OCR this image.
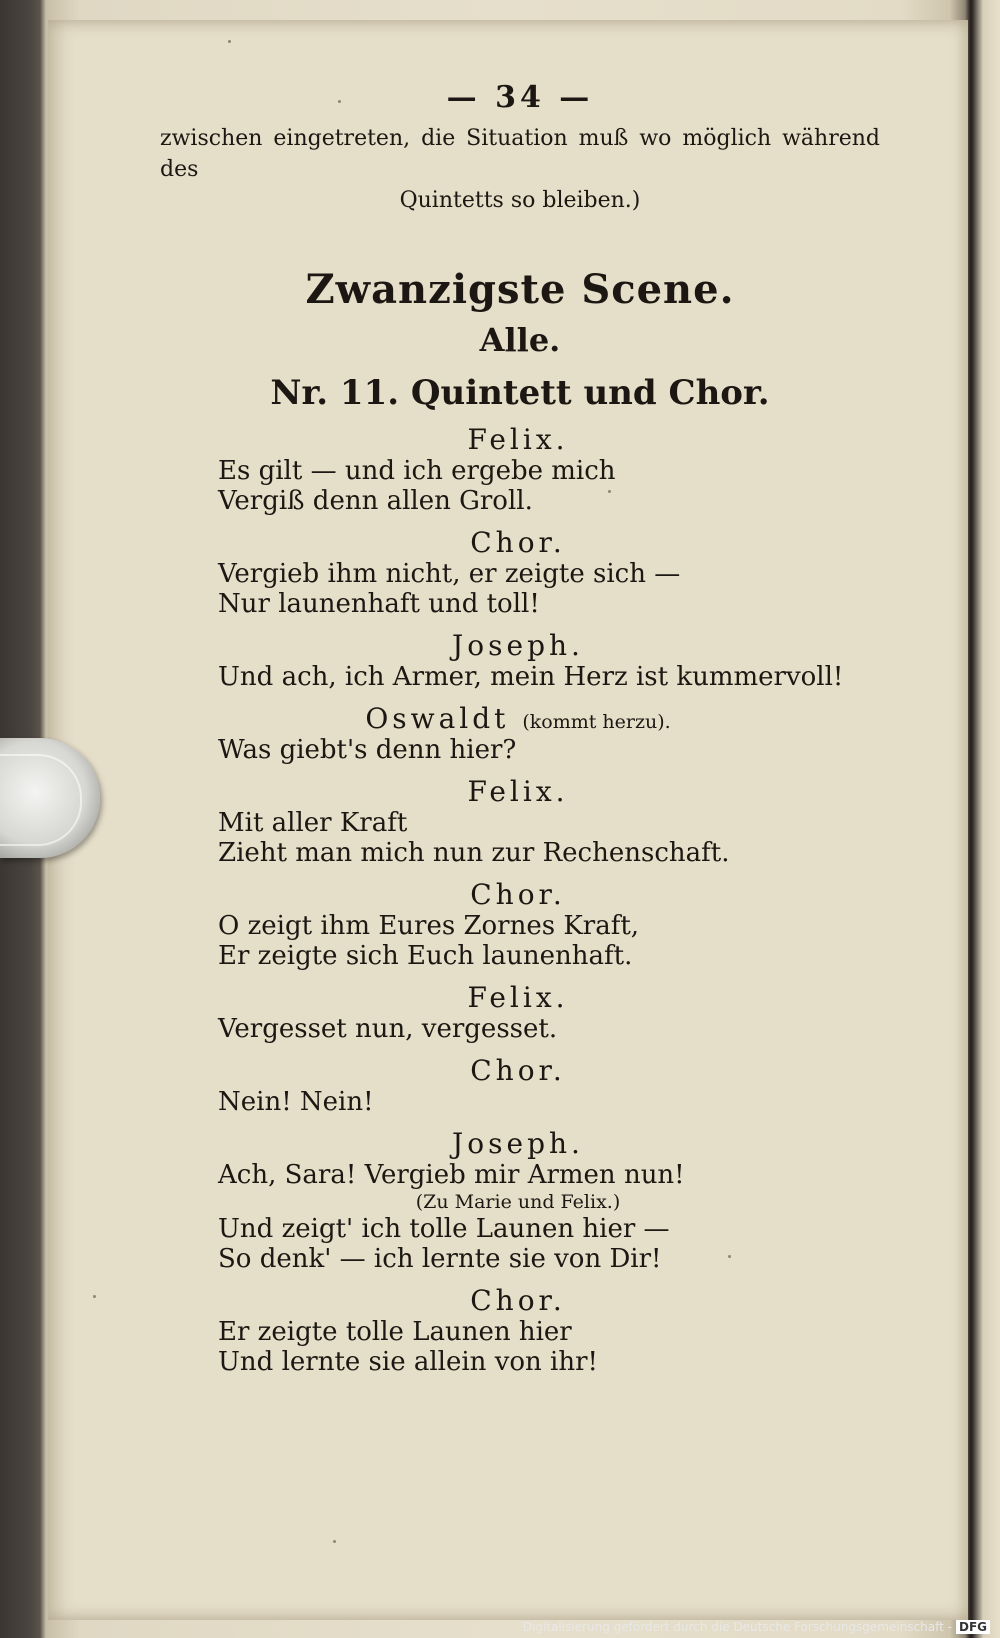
— 34 —
zwischen eingetreten, die Situation muß wo möglich während des
Quintetts so bleiben.)
Zwanzigste Scene.
Alle.
Nr. 11. Quintett und Chor.
Felix.
Es gilt — und ich ergebe mich
Vergiß denn allen Groll.
Chor.
Vergieb ihm nicht, er zeigte sich —
Nur launenhaft und toll!
Joseph.
Und ach, ich Armer, mein Herz ist kummervoll!
Oswaldt (kommt herzu).
Was giebt's denn hier?
Felix.
Mit aller Kraft
Zieht man mich nun zur Rechenschaft.
Chor.
O zeigt ihm Eures Zornes Kraft,
Er zeigte sich Euch launenhaft.
Felix.
Vergesset nun, vergesset.
Chor.
Nein! Nein!
Joseph.
Ach, Sara! Vergieb mir Armen nun!
(Zu Marie und Felix.)
Und zeigt' ich tolle Launen hier —
So denk' — ich lernte sie von Dir!
Chor.
Er zeigte tolle Launen hier
Und lernte sie allein von ihr!
Digitalisierung gefördert durch die Deutsche Forschungsgemeinschaft - DFG
